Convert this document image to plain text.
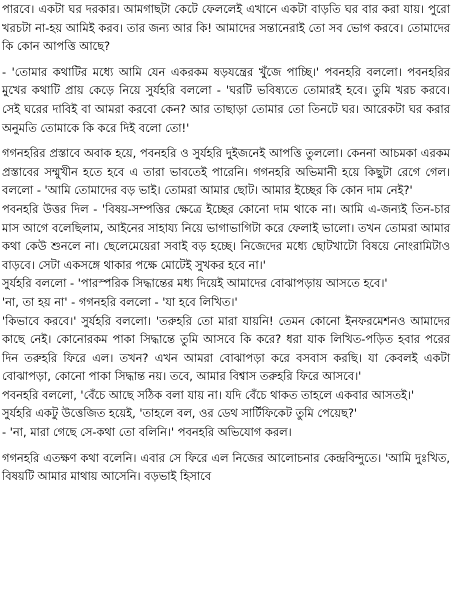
পারবে। একটা ঘর দরকার। আমগাছটা কেটে ফেললেই এখানে একটা বাড়তি ঘর বার করা যায়। পুরো খরচটা না-হয় আমিই করব। তার জন্য আর কি! আমাদের সন্তানেরাই তো সব ভোগ করবে। তোমাদের কি কোন আপত্তি আছে?

- 'তোমার কথাটির মধ্যে আমি যেন একরকম ষড়যন্ত্রের খুঁজে পাচ্ছি।' পবনহরি বললো। পবনহরির মুখের কথাটি প্রায় কেড়ে নিয়ে সুর্যহরি বললো - 'ঘরটি ভবিষ্যতে তোমারই হবে। তুমি খরচ করবে। সেই ঘরের দাবিই বা আমরা করবো কেন? আর তাছাড়া তোমার তো তিনটে ঘর। আরেকটা ঘর করার অনুমতি তোমাকে কি করে দিই বলো তো!'

গগনহরির প্রস্তাবে অবাক হয়ে, পবনহরি ও সুর্যহরি দুইজনেই আপত্তি তুললো। কেননা আচমকা এরকম প্রস্তাবের সম্মুখীন হতে হবে এ তারা ভাবতেই পারেনি। গগনহরি অভিমানী হয়ে কিছুটা রেগে গেল। বললো - 'আমি তোমাদের বড় ভাই। তোমরা আমার ছোট। আমার ইচ্ছের কি কোন দাম নেই?'

পবনহরি উত্তর দিল - 'বিষয়-সম্পত্তির ক্ষেত্রে ইচ্ছের কোনো দাম থাকে না। আমি এ-জন্যই তিন-চার মাস আগে বলেছিলাম, আইনের সাহায্য নিয়ে ভাগাভাগিটা করে ফেলাই ভালো। তখন তোমরা আমার কথা কেউ শুনলে না। ছেলেমেয়েরা সবাই বড় হচ্ছে। নিজেদের মধ্যে ছোটখাটো বিষয়ে নোংরামিটাও বাড়বে। সেটা একসঙ্গে থাকার পক্ষে মোটেই সুখকর হবে না।'

সুর্যহরি বললো - 'পারস্পরিক সিদ্ধান্তের মধ্য দিয়েই আমাদের বোঝাপড়ায় আসতে হবে।'

'না, তা হয় না' - গগনহরি বললো - 'যা হবে লিখিত।'

'কিভাবে করবে।' সুর্যহরি বললো। 'তরুহরি তো মারা যায়নি! তেমন কোনো ইনফরমেশনও আমাদের কাছে নেই। কোনোরকম পাকা সিদ্ধান্তে তুমি আসবে কি করে? ধরা যাক লিখিত-পড়িত হবার পরের দিন তরুহরি ফিরে এল। তখন? এখন আমরা বোঝাপড়া করে বসবাস করছি। যা কেবলই একটা বোঝাপড়া, কোনো পাকা সিদ্ধান্ত নয়। তবে, আমার বিশ্বাস তরুহরি ফিরে আসবে।'

পবনহরি বললো, 'বেঁচে আছে সঠিক বলা যায় না। যদি বেঁচে থাকত তাহলে একবার আসতই।'

সুর্যহরি একটু উত্তেজিত হয়েই, 'তাহলে বল, ওর ডেথ সার্টিফিকেট তুমি পেয়েছ?'

- 'না, মারা গেছে সে-কথা তো বলিনি।' পবনহরি অভিযোগ করল।

গগনহরি এতক্ষণ কথা বলেনি। এবার সে ফিরে এল নিজের আলোচনার কেন্দ্রবিন্দুতে। 'আমি দুঃখিত, বিষয়টি আমার মাথায় আসেনি। বড়ভাই হিসাবে
